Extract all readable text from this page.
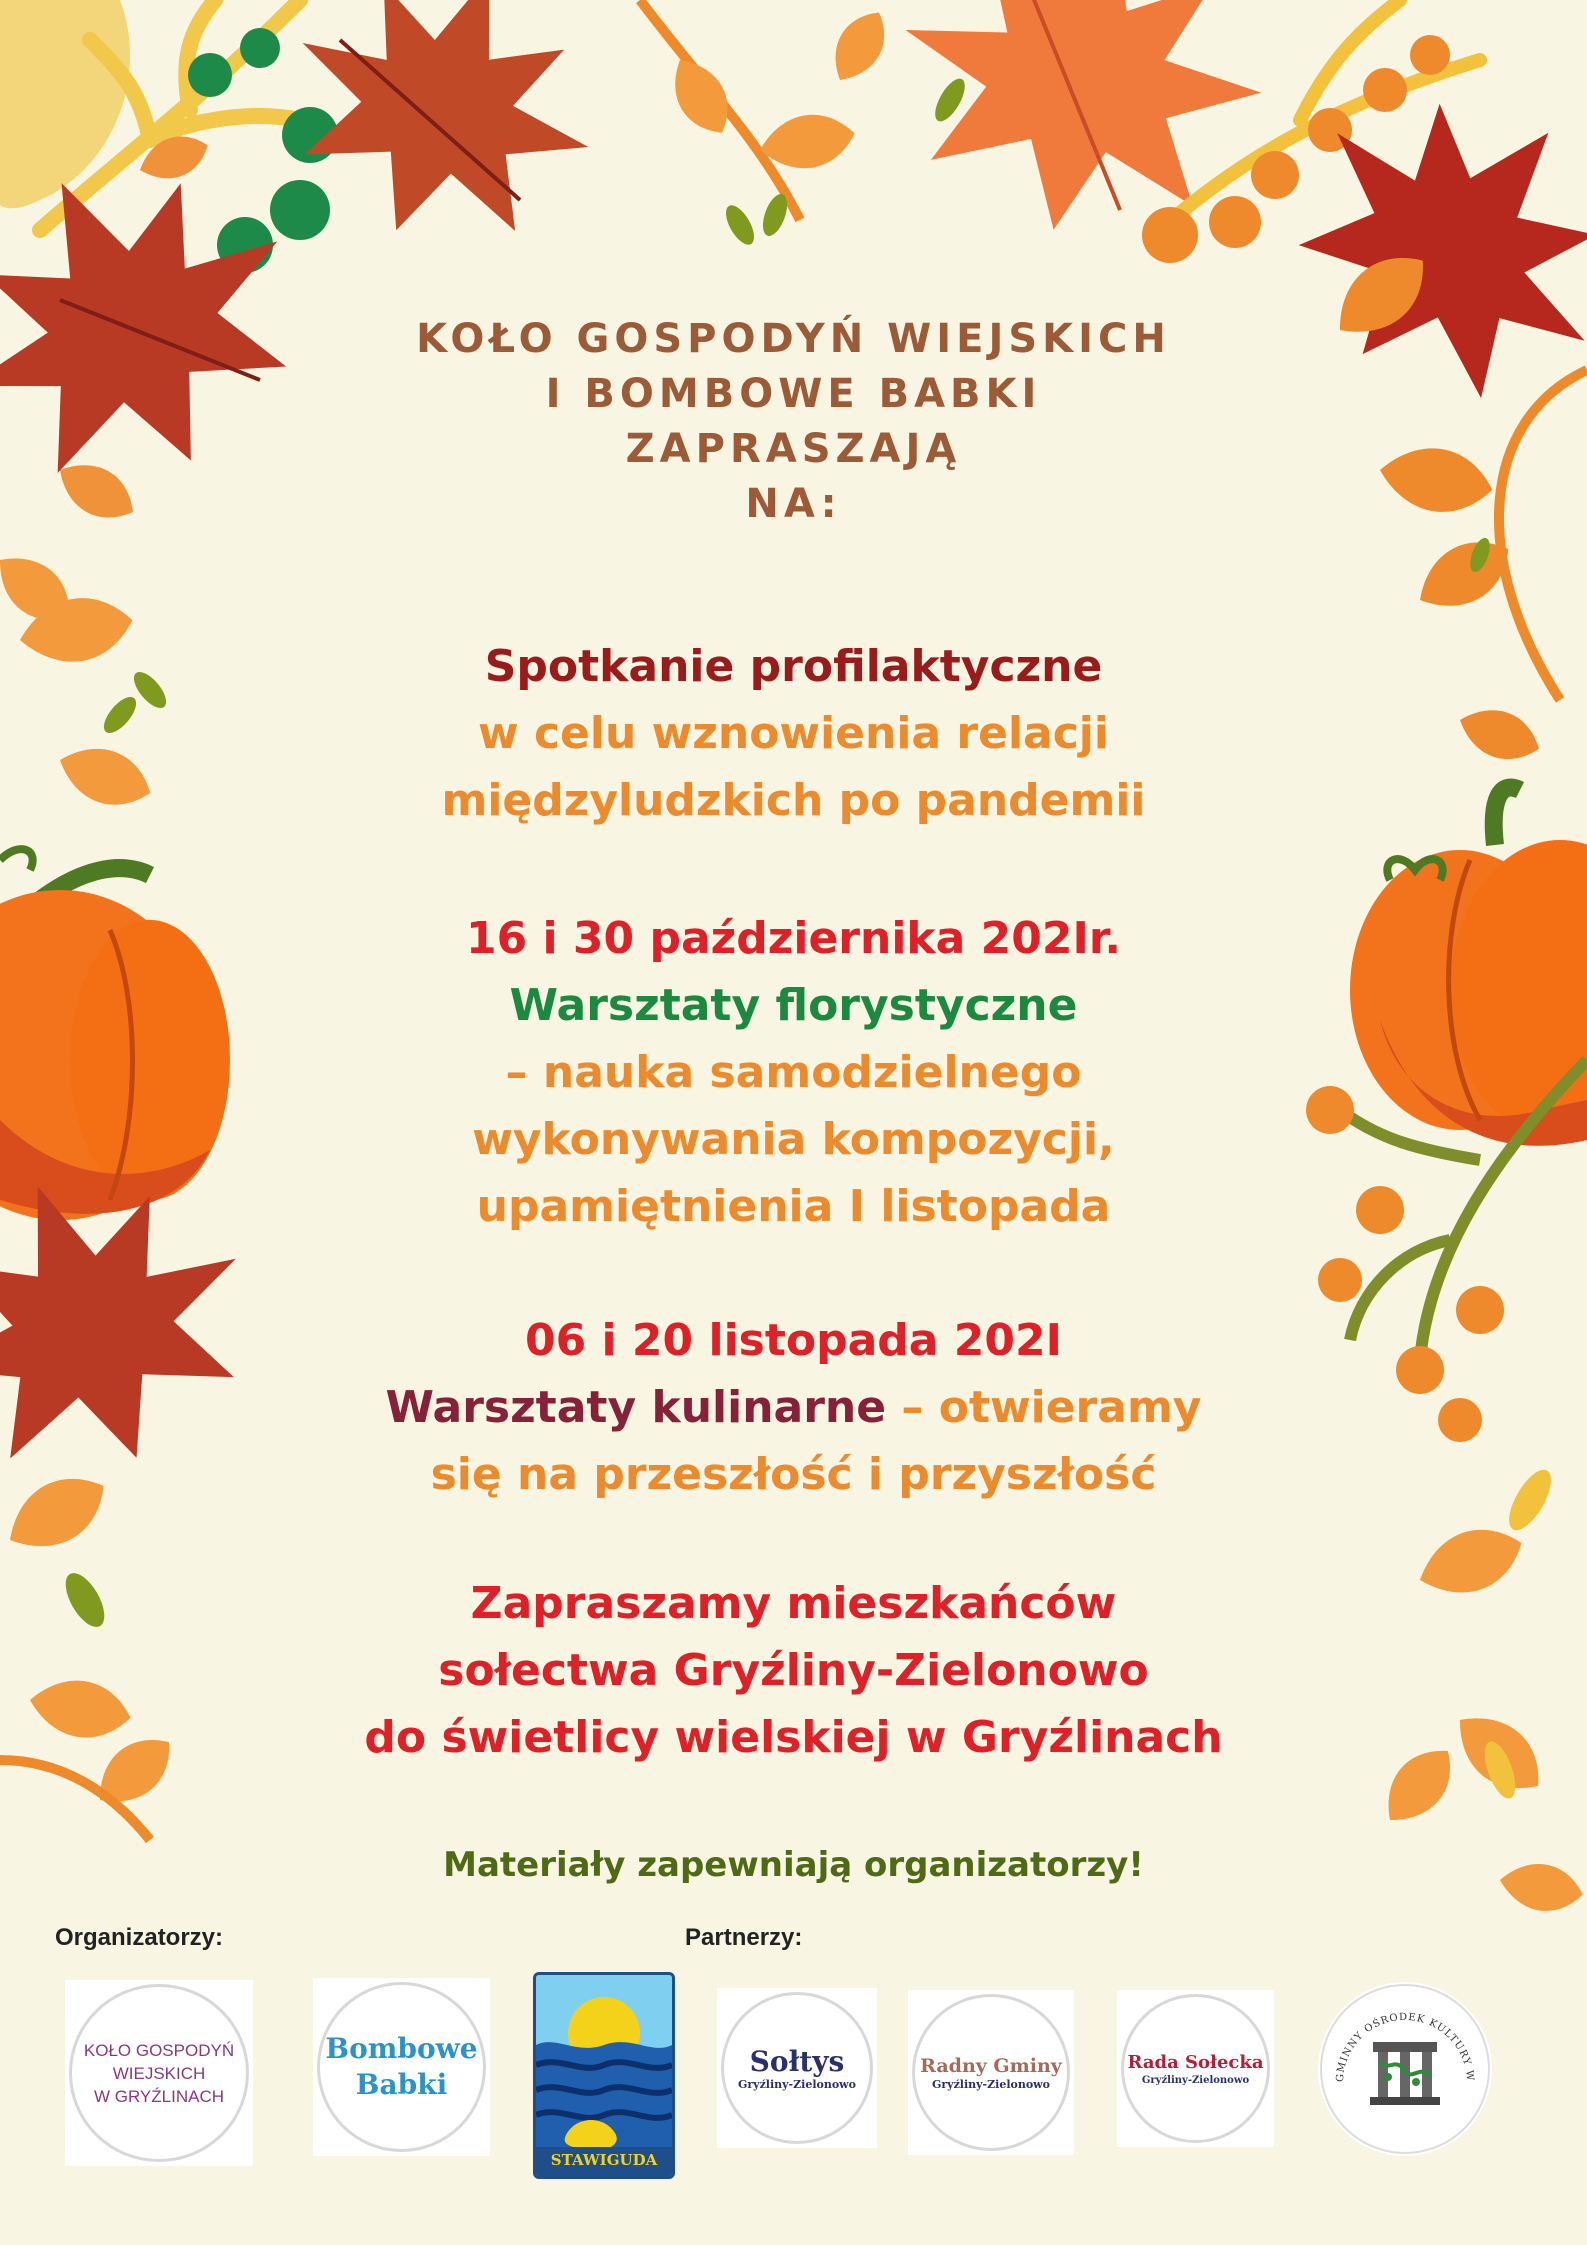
KOŁO GOSPODYŃ WIEJSKICH
I BOMBOWE BABKI
ZAPRASZAJĄ
NA:
Spotkanie profilaktyczne
w celu wznowienia relacji
międzyludzkich po pandemii
16 i 30 października 202Ir.
Warsztaty florystyczne
– nauka samodzielnego
wykonywania kompozycji,
upamiętnienia I listopada
06 i 20 listopada 202I
Warsztaty kulinarne – otwieramy
się na przeszłość i przyszłość
Zapraszamy mieszkańców
sołectwa Gryźliny-Zielonowo
do świetlicy wielskiej w Gryźlinach
Materiały zapewniają organizatorzy!
Organizatorzy:	Partnerzy:
KOŁO GOSPODYŃ
WIEJSKICH
W GRYŹLINACH
Bombowe
Babki
STAWIGUDA
Sołtys
Gryźliny-Zielonowo
Radny Gminy
Gryźliny-Zielonowo
Rada Sołecka
Gryźliny-Zielonowo	GMINNY OŚRODEK KULTURY W
